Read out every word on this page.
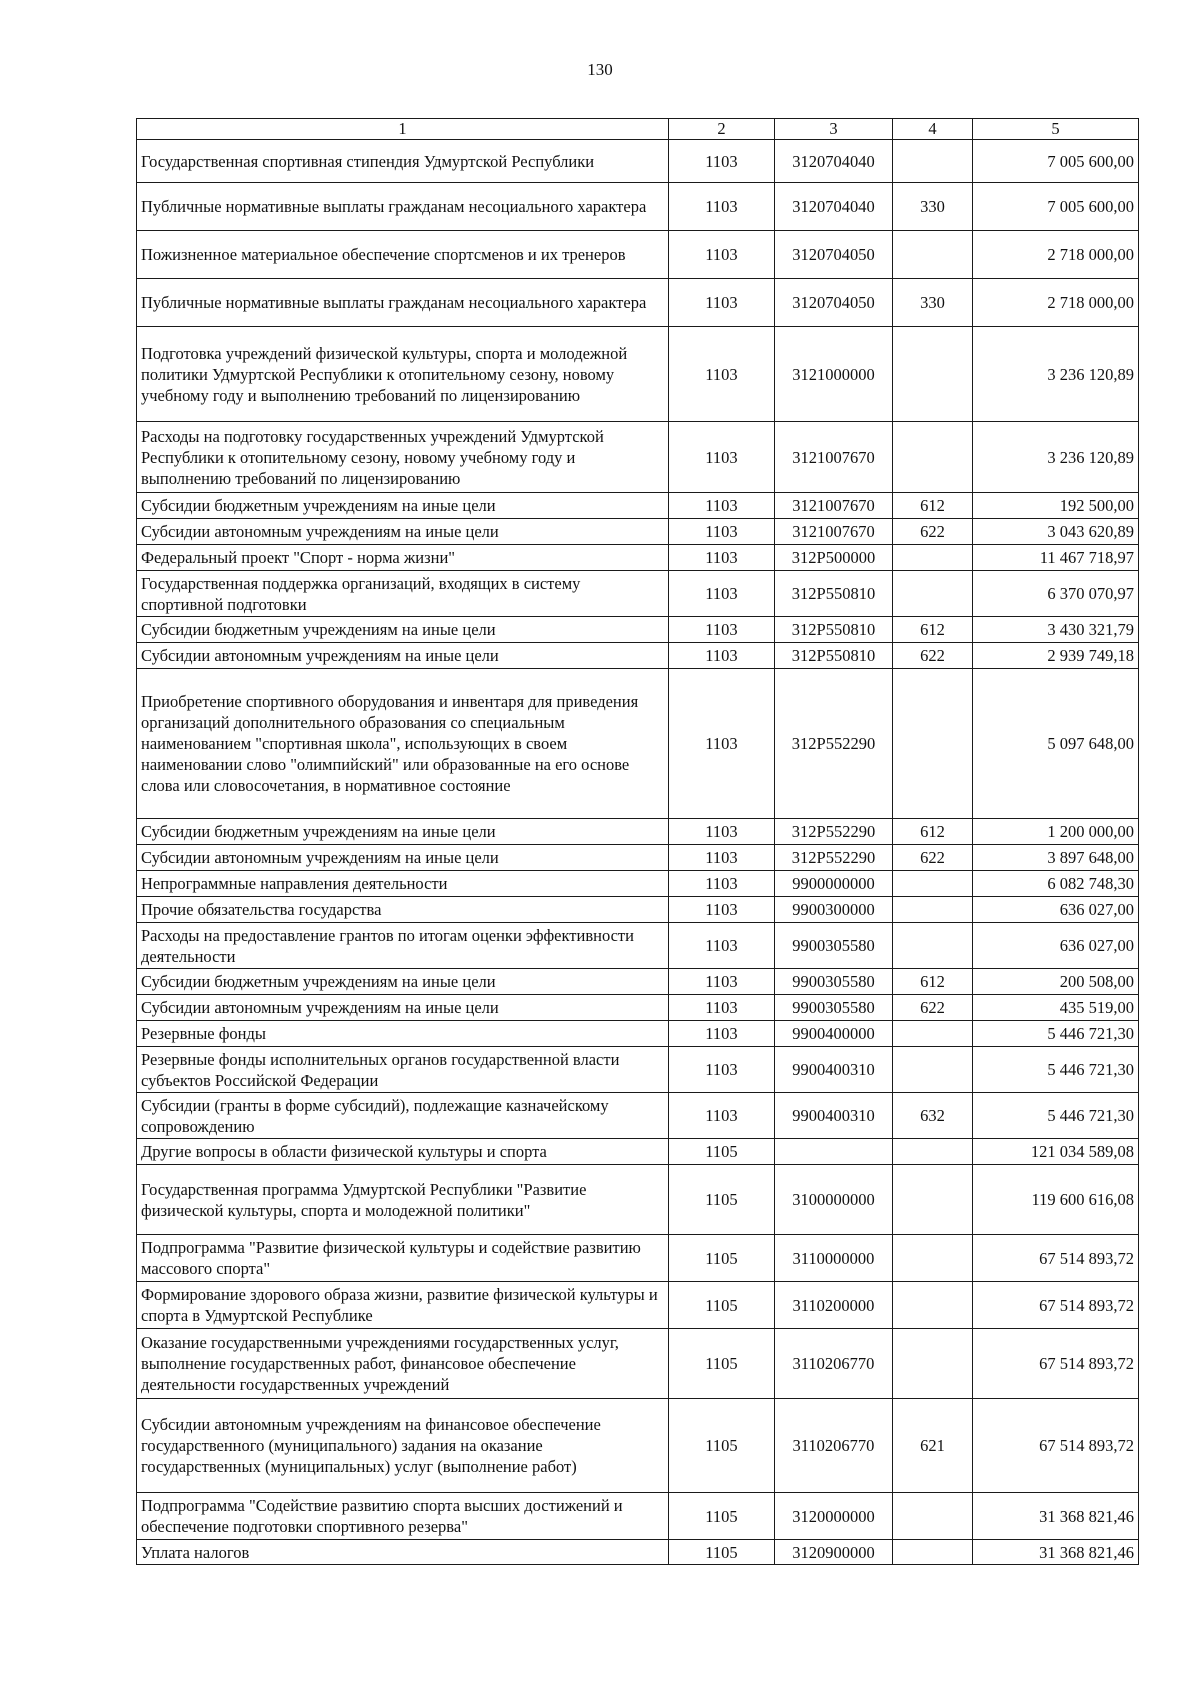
130
1	2	3	4	5
Государственная спортивная стипендия Удмуртской Республики	1103	3120704040		7 005 600,00
Публичные нормативные выплаты гражданам несоциального характера	1103	3120704040	330	7 005 600,00
Пожизненное материальное обеспечение спортсменов и их тренеров	1103	3120704050		2 718 000,00
Публичные нормативные выплаты гражданам несоциального характера	1103	3120704050	330	2 718 000,00
Подготовка учреждений физической культуры, спорта и молодежной политики Удмуртской Республики к отопительному сезону, новому учебному году и выполнению требований по лицензированию	1103	3121000000		3 236 120,89
Расходы на подготовку государственных учреждений Удмуртской Республики к отопительному сезону, новому учебному году и выполнению требований по лицензированию	1103	3121007670		3 236 120,89
Субсидии бюджетным учреждениям на иные цели	1103	3121007670	612	192 500,00
Субсидии автономным учреждениям на иные цели	1103	3121007670	622	3 043 620,89
Федеральный проект "Спорт - норма жизни"	1103	312P500000		11 467 718,97
Государственная поддержка организаций, входящих в систему спортивной подготовки	1103	312P550810		6 370 070,97
Субсидии бюджетным учреждениям на иные цели	1103	312P550810	612	3 430 321,79
Субсидии автономным учреждениям на иные цели	1103	312P550810	622	2 939 749,18
Приобретение спортивного оборудования и инвентаря для приведения организаций дополнительного образования со специальным наименованием "спортивная школа", использующих в своем наименовании слово "олимпийский" или образованные на его основе слова или словосочетания, в нормативное состояние	1103	312P552290		5 097 648,00
Субсидии бюджетным учреждениям на иные цели	1103	312P552290	612	1 200 000,00
Субсидии автономным учреждениям на иные цели	1103	312P552290	622	3 897 648,00
Непрограммные направления деятельности	1103	9900000000		6 082 748,30
Прочие обязательства государства	1103	9900300000		636 027,00
Расходы на предоставление грантов по итогам оценки эффективности деятельности	1103	9900305580		636 027,00
Субсидии бюджетным учреждениям на иные цели	1103	9900305580	612	200 508,00
Субсидии автономным учреждениям на иные цели	1103	9900305580	622	435 519,00
Резервные фонды	1103	9900400000		5 446 721,30
Резервные фонды исполнительных органов государственной власти субъектов Российской Федерации	1103	9900400310		5 446 721,30
Субсидии (гранты в форме субсидий), подлежащие казначейскому сопровождению	1103	9900400310	632	5 446 721,30
Другие вопросы в области физической культуры и спорта	1105			121 034 589,08
Государственная программа Удмуртской Республики "Развитие физической культуры, спорта и молодежной политики"	1105	3100000000		119 600 616,08
Подпрограмма "Развитие физической культуры и содействие развитию массового спорта"	1105	3110000000		67 514 893,72
Формирование здорового образа жизни, развитие физической культуры и спорта в Удмуртской Республике	1105	3110200000		67 514 893,72
Оказание государственными учреждениями государственных услуг, выполнение государственных работ, финансовое обеспечение деятельности государственных учреждений	1105	3110206770		67 514 893,72
Субсидии автономным учреждениям на финансовое обеспечение государственного (муниципального) задания на оказание государственных (муниципальных) услуг (выполнение работ)	1105	3110206770	621	67 514 893,72
Подпрограмма "Содействие развитию спорта высших достижений и обеспечение подготовки спортивного резерва"	1105	3120000000		31 368 821,46
Уплата налогов	1105	3120900000		31 368 821,46
